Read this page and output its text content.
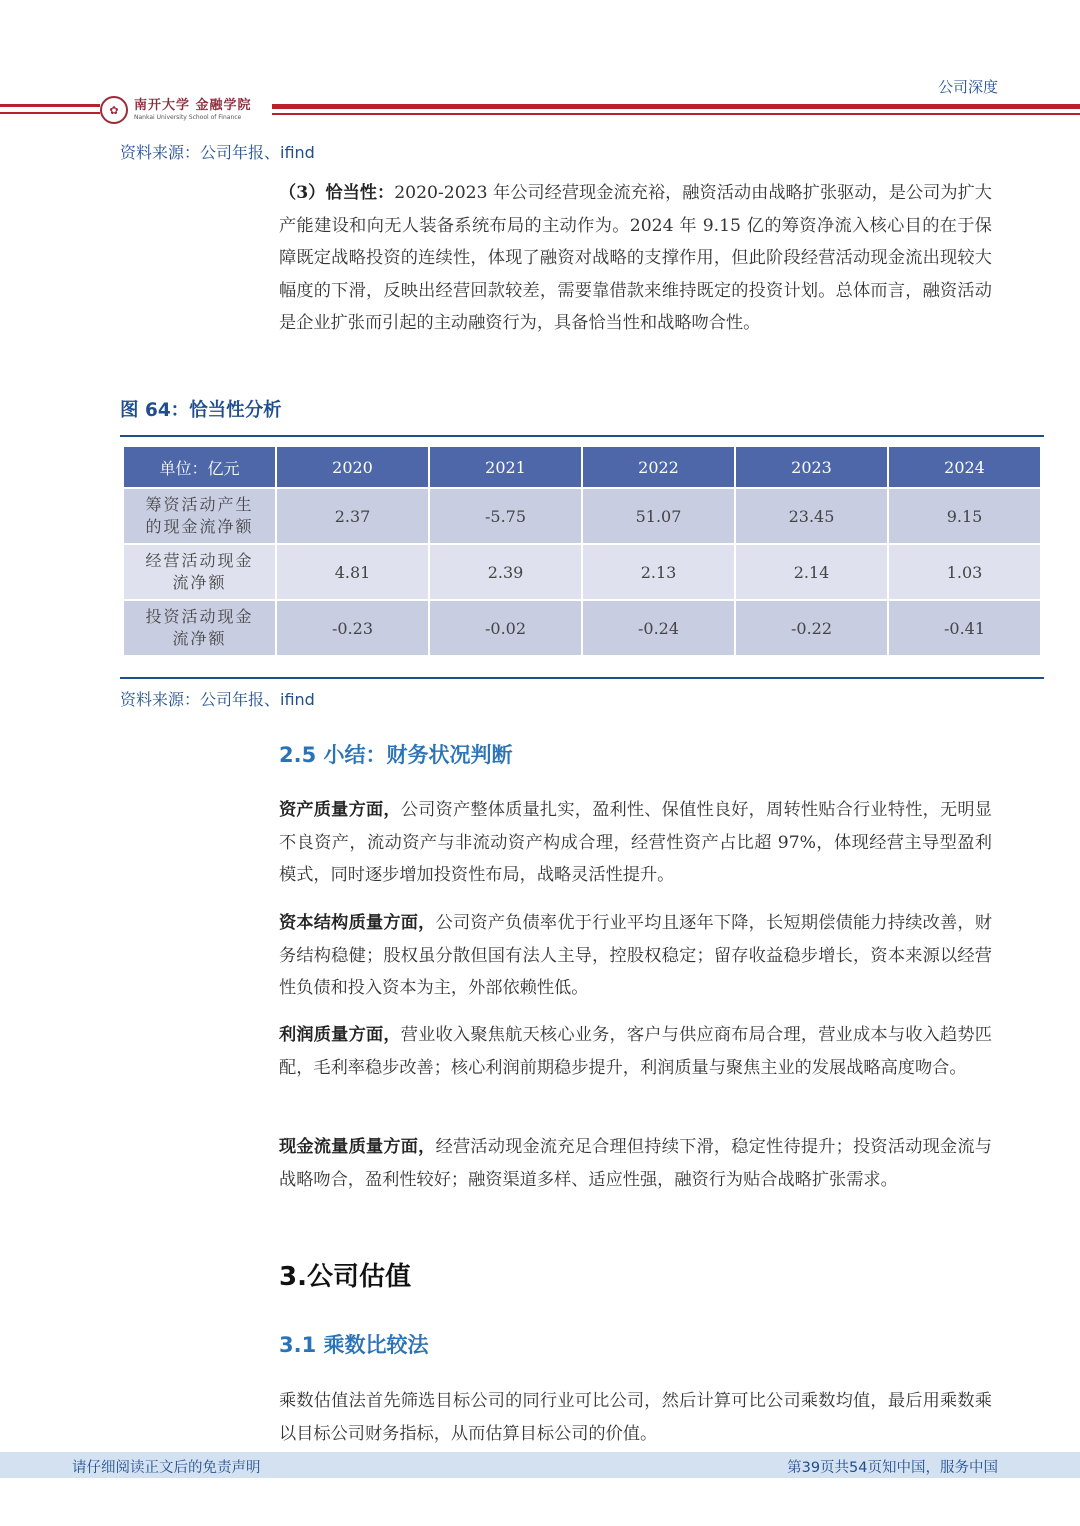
公司深度
✿	南开大学 金融学院
Nankai University School of Finance
资料来源：公司年报、ifind

（3）恰当性：2020-2023 年公司经营现金流充裕，融资活动由战略扩张驱动，是公司为扩大产能建设和向无人装备系统布局的主动作为。2024 年 9.15 亿的筹资净流入核心目的在于保障既定战略投资的连续性，体现了融资对战略的支撑作用，但此阶段经营活动现金流出现较大幅度的下滑，反映出经营回款较差，需要靠借款来维持既定的投资计划。总体而言，融资活动是企业扩张而引起的主动融资行为，具备恰当性和战略吻合性。

图 64：恰当性分析
单位：亿元	2020	2021	2022	2023	2024
筹资活动产生
的现金流净额	2.37	-5.75	51.07	23.45	9.15
经营活动现金
流净额	4.81	2.39	2.13	2.14	1.03
投资活动现金
流净额	-0.23	-0.02	-0.24	-0.22	-0.41
资料来源：公司年报、ifind
2.5 小结：财务状况判断

资产质量方面，公司资产整体质量扎实，盈利性、保值性良好，周转性贴合行业特性，无明显不良资产，流动资产与非流动资产构成合理，经营性资产占比超 97%，体现经营主导型盈利模式，同时逐步增加投资性布局，战略灵活性提升。

资本结构质量方面，公司资产负债率优于行业平均且逐年下降，长短期偿债能力持续改善，财务结构稳健；股权虽分散但国有法人主导，控股权稳定；留存收益稳步增长，资本来源以经营性负债和投入资本为主，外部依赖性低。

利润质量方面，营业收入聚焦航天核心业务，客户与供应商布局合理，营业成本与收入趋势匹配，毛利率稳步改善；核心利润前期稳步提升，利润质量与聚焦主业的发展战略高度吻合。

现金流量质量方面，经营活动现金流充足合理但持续下滑，稳定性待提升；投资活动现金流与战略吻合，盈利性较好；融资渠道多样、适应性强，融资行为贴合战略扩张需求。

3.公司估值
3.1 乘数比较法

乘数估值法首先筛选目标公司的同行业可比公司，然后计算可比公司乘数均值，最后用乘数乘以目标公司财务指标，从而估算目标公司的价值。

请仔细阅读正文后的免责声明	第39页共54页知中国，服务中国
